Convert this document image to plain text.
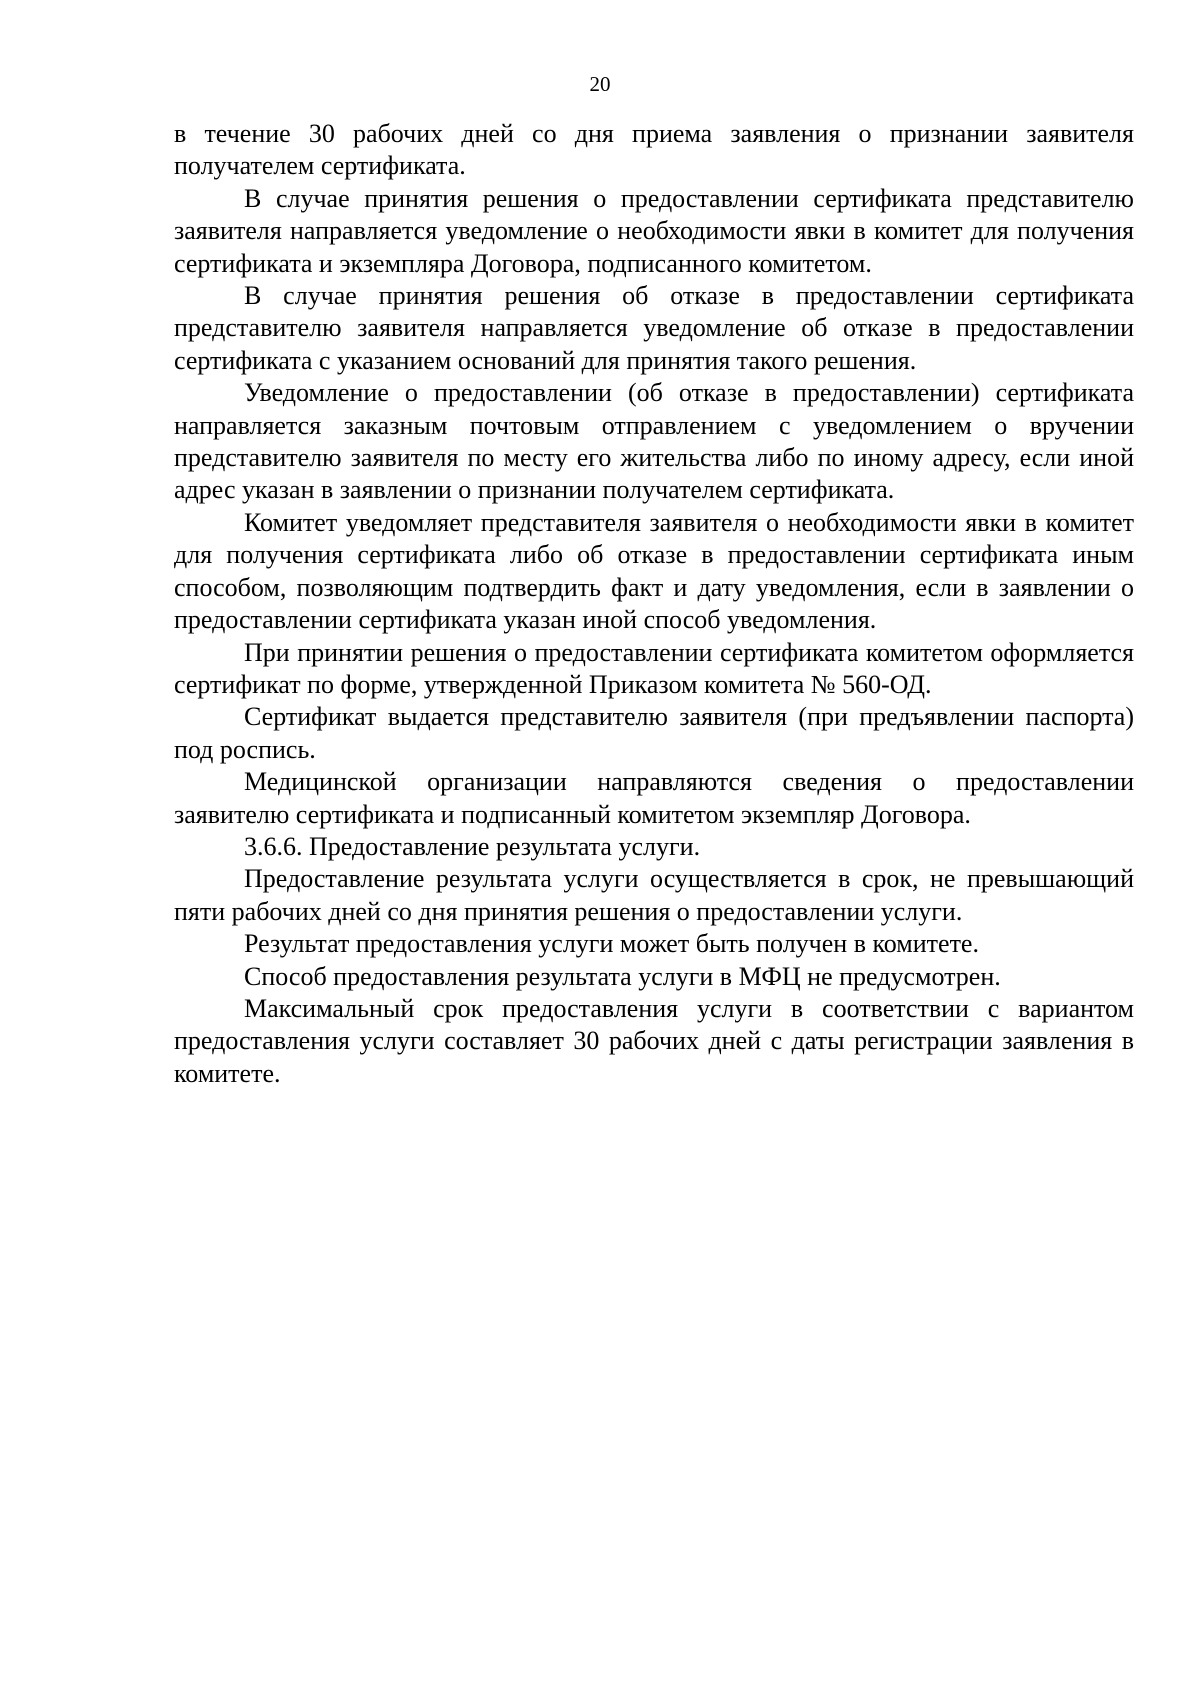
20

в течение 30 рабочих дней со дня приема заявления о признании заявителя получателем сертификата.

В случае принятия решения о предоставлении сертификата представителю заявителя направляется уведомление о необходимости явки в комитет для получения сертификата и экземпляра Договора, подписанного комитетом.

В случае принятия решения об отказе в предоставлении сертификата представителю заявителя направляется уведомление об отказе в предоставлении сертификата с указанием оснований для принятия такого решения.

Уведомление о предоставлении (об отказе в предоставлении) сертификата направляется заказным почтовым отправлением с уведомлением о вручении представителю заявителя по месту его жительства либо по иному адресу, если иной адрес указан в заявлении о признании получателем сертификата.

Комитет уведомляет представителя заявителя о необходимости явки в комитет для получения сертификата либо об отказе в предоставлении сертификата иным способом, позволяющим подтвердить факт и дату уведомления, если в заявлении о предоставлении сертификата указан иной способ уведомления.

При принятии решения о предоставлении сертификата комитетом оформляется сертификат по форме, утвержденной Приказом комитета № 560-ОД.

Сертификат выдается представителю заявителя (при предъявлении паспорта) под роспись.

Медицинской организации направляются сведения о предоставлении заявителю сертификата и подписанный комитетом экземпляр Договора.

3.6.6. Предоставление результата услуги.

Предоставление результата услуги осуществляется в срок, не превышающий пяти рабочих дней со дня принятия решения о предоставлении услуги.

Результат предоставления услуги может быть получен в комитете.

Способ предоставления результата услуги в МФЦ не предусмотрен.

Максимальный срок предоставления услуги в соответствии с вариантом предоставления услуги составляет 30 рабочих дней с даты регистрации заявления в комитете.
